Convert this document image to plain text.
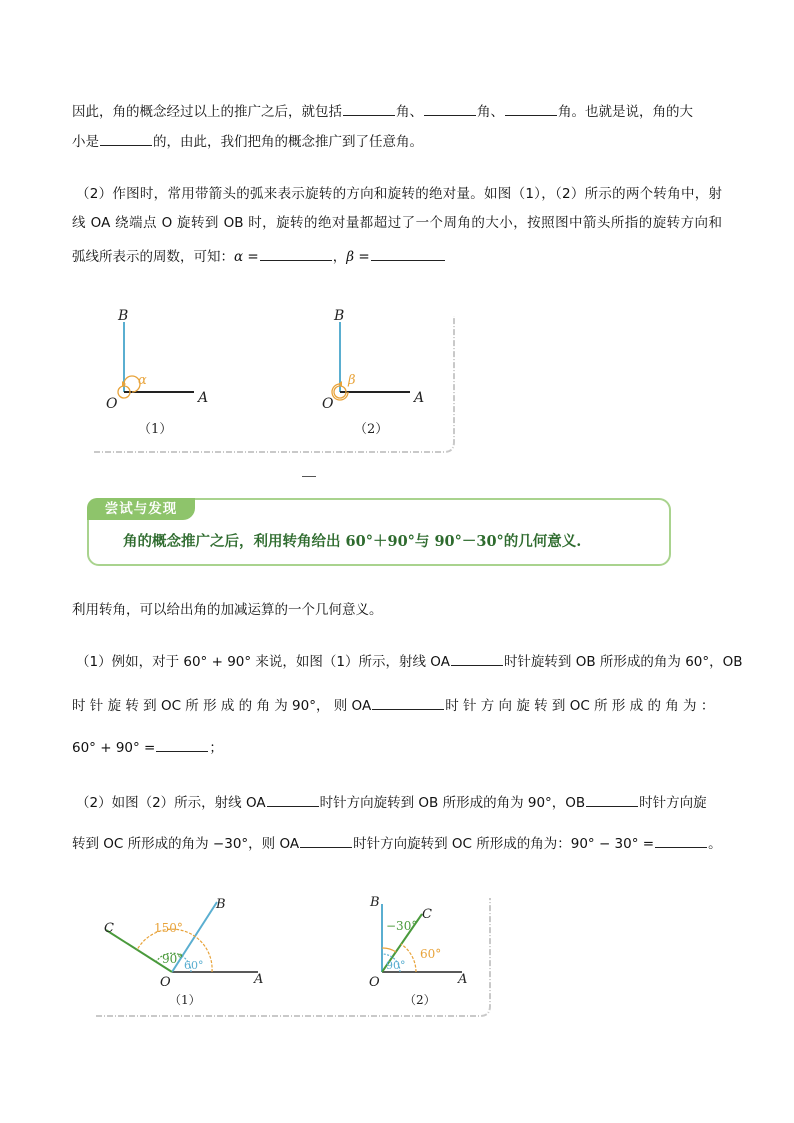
因此，角的概念经过以上的推广之后，就包括	角、	角、	角。也就是说，角的大
小是	的，由此，我们把角的概念推广到了任意角。
（2）作图时，常用带箭头的弧来表示旋转的方向和旋转的绝对量。如图（1），（2）所示的两个转角中，射
线 OA 绕端点 O 旋转到 OB 时，旋转的绝对量都超过了一个周角的大小，按照图中箭头所指的旋转方向和
弧线所表示的周数，可知：α =	，β =
B
O	A
α
（1）
B
O	A
β
（2）
尝试与发现
角的概念推广之后，利用转角给出 60°＋90°与 90°－30°的几何意义.
利用转角，可以给出角的加减运算的一个几何意义。
（1）例如，对于 60° + 90° 来说，如图（1）所示，射线 OA	时针旋转到 OB 所形成的角为 60°，OB
时 针 旋 转 到 OC 所 形 成 的 角 为 90°， 则 OA	时 针 方 向 旋 转 到 OC 所 形 成 的 角 为 ：
60° + 90° =	；
（2）如图（2）所示，射线 OA	时针方向旋转到 OB 所形成的角为 90°，OB	时针方向旋
转到 OC 所形成的角为 −30°，则 OA	时针方向旋转到 OC 所形成的角为：90° − 30° =	。
C
B
O	A
150°
90° 60°
（1）
B
C
O	A
−30°
60°
90°
（2）
